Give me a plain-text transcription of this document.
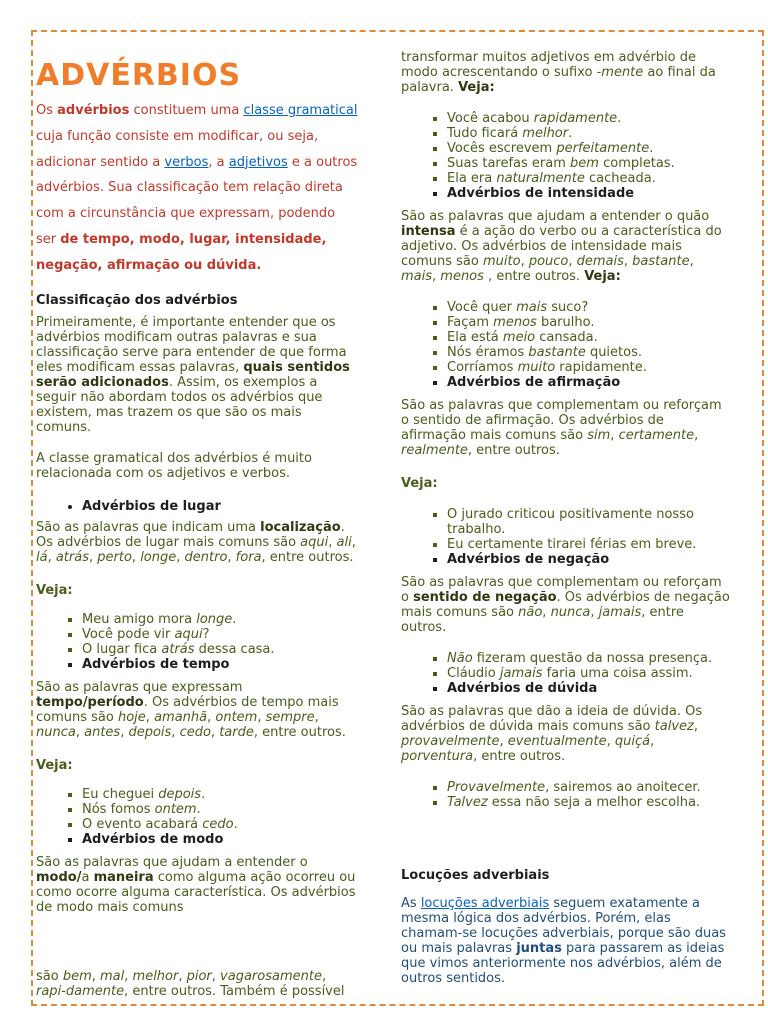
ADVÉRBIOS
Os advérbios constituem uma classe gramatical cuja função consiste em modificar, ou seja, adicionar sentido a verbos, a adjetivos e a outros advérbios. Sua classificação tem relação direta com a circunstância que expressam, podendo ser de tempo, modo, lugar, intensidade, negação, afirmação ou dúvida.
Classificação dos advérbios
Primeiramente, é importante entender que os advérbios modificam outras palavras e sua classificação serve para entender de que forma eles modificam essas palavras, quais sentidos serão adicionados. Assim, os exemplos a seguir não abordam todos os advérbios que existem, mas trazem os que são os mais comuns.
A classe gramatical dos advérbios é muito relacionada com os adjetivos e verbos.
• Advérbios de lugar
São as palavras que indicam uma localização. Os advérbios de lugar mais comuns são aqui, ali, lá, atrás, perto, longe, dentro, fora, entre outros.
Veja:
▪ Meu amigo mora longe.
▪ Você pode vir aqui?
▪ O lugar fica atrás dessa casa.
▪ Advérbios de tempo
São as palavras que expressam tempo/período. Os advérbios de tempo mais comuns são hoje, amanhã, ontem, sempre, nunca, antes, depois, cedo, tarde, entre outros.
Veja:
▪ Eu cheguei depois.
▪ Nós fomos ontem.
▪ O evento acabará cedo.
▪ Advérbios de modo
São as palavras que ajudam a entender o modo/a maneira como alguma ação ocorreu ou como ocorre alguma característica. Os advérbios de modo mais comuns
são bem, mal, melhor, pior, vagarosamente, rapi-damente, entre outros. Também é possível
transformar muitos adjetivos em advérbio de modo acrescentando o sufixo -mente ao final da palavra. Veja:
▪ Você acabou rapidamente.
▪ Tudo ficará melhor.
▪ Vocês escrevem perfeitamente.
▪ Suas tarefas eram bem completas.
▪ Ela era naturalmente cacheada.
▪ Advérbios de intensidade
São as palavras que ajudam a entender o quão intensa é a ação do verbo ou a característica do adjetivo. Os advérbios de intensidade mais comuns são muito, pouco, demais, bastante, mais, menos , entre outros. Veja:
▪ Você quer mais suco?
▪ Façam menos barulho.
▪ Ela está meio cansada.
▪ Nós éramos bastante quietos.
▪ Corríamos muito rapidamente.
▪ Advérbios de afirmação
São as palavras que complementam ou reforçam o sentido de afirmação. Os advérbios de afirmação mais comuns são sim, certamente, realmente, entre outros.
Veja:
▪ O jurado criticou positivamente nosso trabalho.
▪ Eu certamente tirarei férias em breve.
▪ Advérbios de negação
São as palavras que complementam ou reforçam o sentido de negação. Os advérbios de negação mais comuns são não, nunca, jamais, entre outros.
▪ Não fizeram questão da nossa presença.
▪ Cláudio jamais faria uma coisa assim.
▪ Advérbios de dúvida
São as palavras que dão a ideia de dúvida. Os advérbios de dúvida mais comuns são talvez, provavelmente, eventualmente, quiçá, porventura, entre outros.
▪ Provavelmente, sairemos ao anoitecer.
▪ Talvez essa não seja a melhor escolha.
Locuções adverbiais
As locuções adverbiais seguem exatamente a mesma lógica dos advérbios. Porém, elas chamam-se locuções adverbiais, porque são duas ou mais palavras juntas para passarem as ideias que vimos anteriormente nos advérbios, além de outros sentidos.
